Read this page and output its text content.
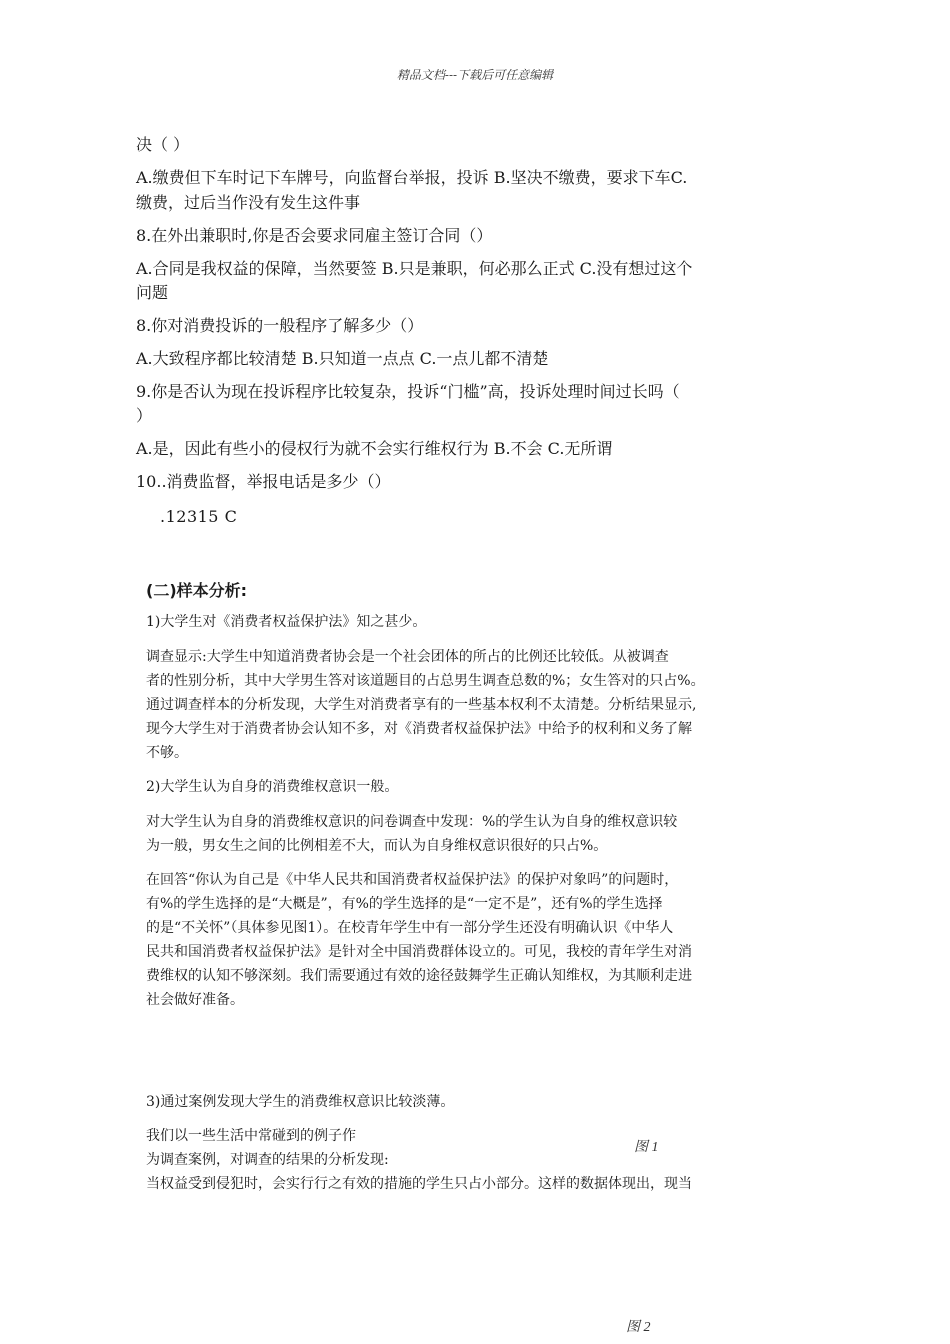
精品文档---下载后可任意编辑
决（ ）
A.缴费但下车时记下车牌号，向监督台举报，投诉 B.坚决不缴费，要求下车C.
缴费，过后当作没有发生这件事
8.在外出兼职时,你是否会要求同雇主签订合同（）
A.合同是我权益的保障，当然要签 B.只是兼职，何必那么正式 C.没有想过这个
问题
8.你对消费投诉的一般程序了解多少（）
A.大致程序都比较清楚 B.只知道一点点 C.一点儿都不清楚
9.你是否认为现在投诉程序比较复杂，投诉“门槛”高，投诉处理时间过长吗（
）
A.是，因此有些小的侵权行为就不会实行维权行为 B.不会 C.无所谓
10..消费监督，举报电话是多少（）
.12315 C
(二)样本分析:
1)大学生对《消费者权益保护法》知之甚少。
调查显示:大学生中知道消费者协会是一个社会团体的所占的比例还比较低。从被调查
者的性别分析，其中大学男生答对该道题目的占总男生调查总数的%；女生答对的只占%。
通过调查样本的分析发现，大学生对消费者享有的一些基本权利不太清楚。分析结果显示,
现今大学生对于消费者协会认知不多，对《消费者权益保护法》中给予的权利和义务了解
不够。
2)大学生认为自身的消费维权意识一般。
对大学生认为自身的消费维权意识的问卷调查中发现：%的学生认为自身的维权意识较
为一般，男女生之间的比例相差不大，而认为自身维权意识很好的只占%。
在回答“你认为自己是《中华人民共和国消费者权益保护法》的保护对象吗”的问题时，
有%的学生选择的是“大概是”，有%的学生选择的是“一定不是”，还有%的学生选择
的是“不关怀”（具体参见图1）。在校青年学生中有一部分学生还没有明确认识《中华人
民共和国消费者权益保护法》是针对全中国消费群体设立的。可见，我校的青年学生对消
费维权的认知不够深刻。我们需要通过有效的途径鼓舞学生正确认知维权，为其顺利走进
社会做好准备。
3)通过案例发现大学生的消费维权意识比较淡薄。
我们以一些生活中常碰到的例子作
图 1
为调查案例，对调查的结果的分析发现:
当权益受到侵犯时，会实行行之有效的措施的学生只占小部分。这样的数据体现出，现当
图 2
